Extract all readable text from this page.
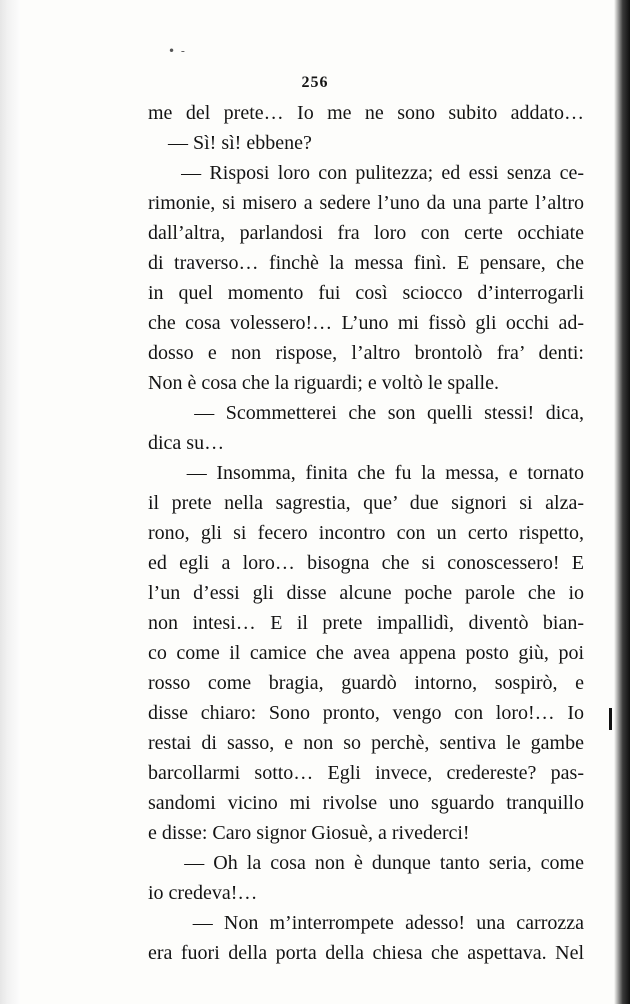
• -
256
me del prete… Io me ne sono subito addato…
— Sì! sì! ebbene?
— Risposi loro con pulitezza; ed essi senza ce-
rimonie, si misero a sedere l’uno da una parte l’altro
dall’altra, parlandosi fra loro con certe occhiate
di traverso… finchè la messa finì. E pensare, che
in quel momento fui così sciocco d’interrogarli
che cosa volessero!… L’uno mi fissò gli occhi ad-
dosso e non rispose, l’altro brontolò fra’ denti:
Non è cosa che la riguardi; e voltò le spalle.
— Scommetterei che son quelli stessi! dica,
dica su…
— Insomma, finita che fu la messa, e tornato
il prete nella sagrestia, que’ due signori si alza-
rono, gli si fecero incontro con un certo rispetto,
ed egli a loro… bisogna che si conoscessero! E
l’un d’essi gli disse alcune poche parole che io
non intesi… E il prete impallidì, diventò bian-
co come il camice che avea appena posto giù, poi
rosso come bragia, guardò intorno, sospirò, e
disse chiaro: Sono pronto, vengo con loro!… Io
restai di sasso, e non so perchè, sentiva le gambe
barcollarmi sotto… Egli invece, credereste? pas-
sandomi vicino mi rivolse uno sguardo tranquillo
e disse: Caro signor Giosuè, a rivederci!
— Oh la cosa non è dunque tanto seria, come
io credeva!…
— Non m’interrompete adesso! una carrozza
era fuori della porta della chiesa che aspettava. Nel
